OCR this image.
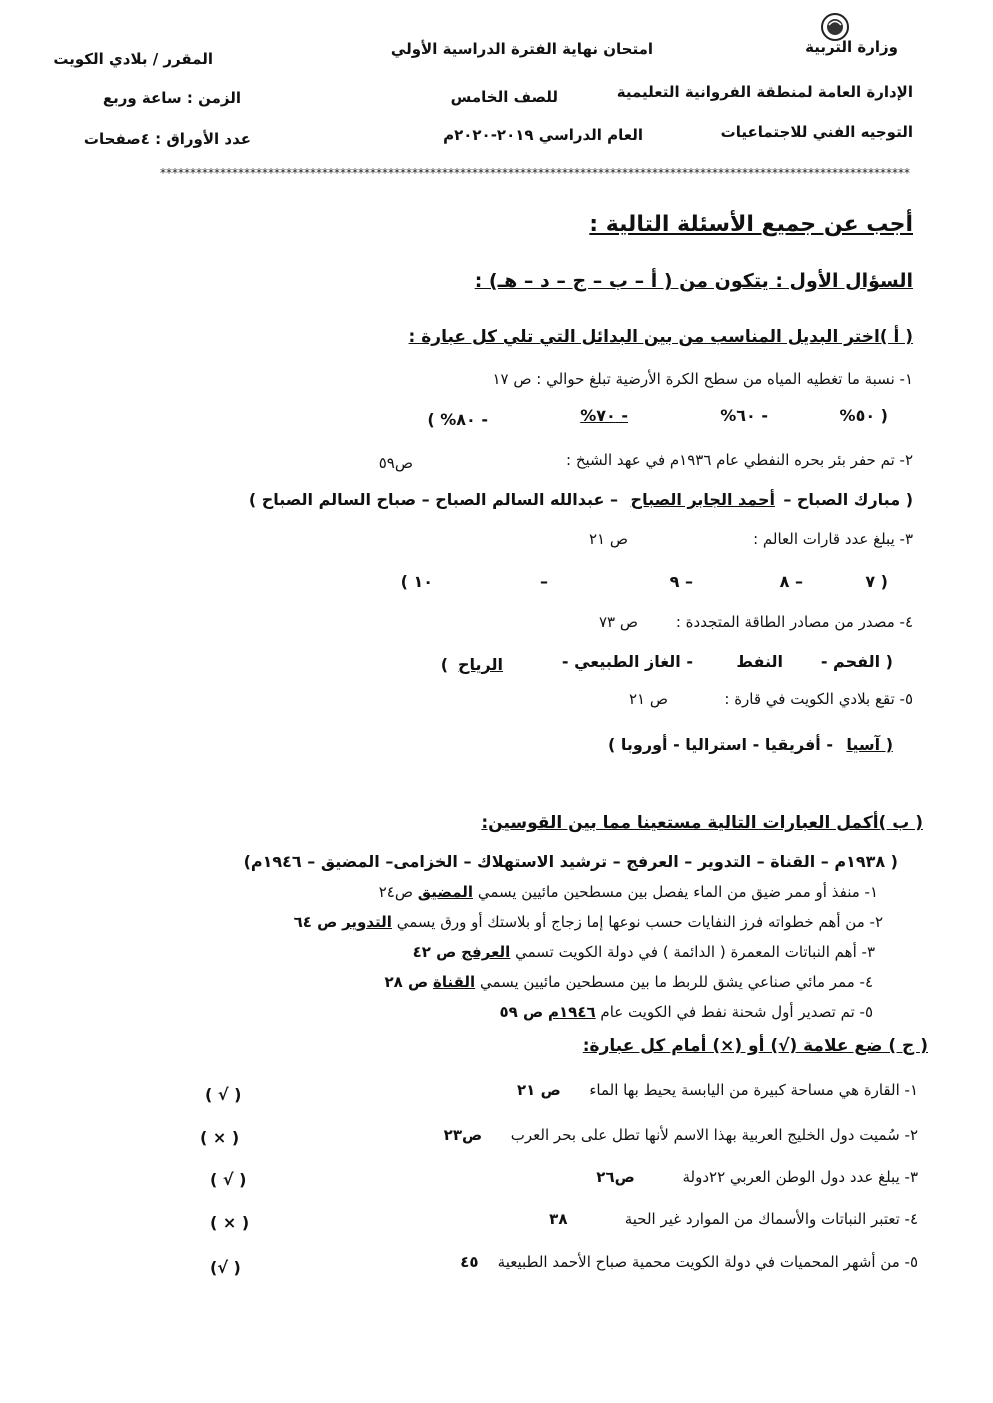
وزارة التربية
الإدارة العامة لمنطقة الفروانية التعليمية
التوجيه الفني للاجتماعيات
امتحان نهاية الفترة الدراسية الأولي
للصف الخامس
العام الدراسي ٢٠١٩-٢٠٢٠م
المقرر / بلادي الكويت
الزمن : ساعة وربع
عدد الأوراق : ٤صفحات
*****************************************************************************************************************************
أجب عن جميع الأسئلة التالية :
السؤال الأول : يتكون من ( أ – ب – ج – د – هـ) :
( أ )اختر البديل المناسب من بين البدائل التي تلي كل عبارة :
١- نسبة ما تغطيه المياه من سطح الكرة الأرضية تبلغ حوالي : ص ١٧
( ٥٠%
- ٦٠%
- ٧٠%
- ٨٠% )
٢- تم حفر بئر بحره النفطي عام ١٩٣٦م في عهد الشيخ :
ص٥٩
( مبارك الصباح –
أحمد الجابر الصباح
– عبدالله السالم الصباح – صباح السالم الصباح )
٣- يبلغ عدد قارات العالم :
ص ٢١
( ٧
– ٨
– ٩
–
١٠ )
٤- مصدر من مصادر الطاقة المتجددة :
ص ٧٣
( الفحم -
النفط
- الغاز الطبيعي -
الرياح
)
٥- تقع بلادي الكويت في قارة :
ص ٢١
( آسيا
- أفريقيا - استراليا - أوروبا )
( ب )أكمل العبارات التالية مستعينا مما بين القوسين:
( ١٩٣٨م – القناة – التدوير – العرفج – ترشيد الاستهلاك – الخزامى– المضيق – ١٩٤٦م)
١- منفذ أو ممر ضيق من الماء يفصل بين مسطحين مائيين يسمي المضيق ص٢٤
٢- من أهم خطواته فرز النفايات حسب نوعها إما زجاج أو بلاستك أو ورق يسمي التدوير ص ٦٤
٣- أهم النباتات المعمرة ( الدائمة ) في دولة الكويت تسمي العرفج ص ٤٢
٤- ممر مائي صناعي يشق للربط ما بين مسطحين مائيين يسمي القناة ص ٢٨
٥- تم تصدير أول شحنة نفط في الكويت عام ١٩٤٦م ص ٥٩
( ج ) ضع علامة (√) أو (×) أمام كل عبارة:
١- القارة هي مساحة كبيرة من اليابسة يحيط بها الماء      ص ٢١
( √ )
٢- سُميت دول الخليج العربية بهذا الاسم لأنها تطل على بحر العرب      ص٢٣
( × )
٣- يبلغ عدد دول الوطن العربي ٢٢دولة          ص٢٦
( √ )
٤- تعتبر النباتات والأسماك من الموارد غير الحية            ٣٨
( × )
٥- من أشهر المحميات في دولة الكويت محمية صباح الأحمد الطبيعية    ٤٥
( √)
